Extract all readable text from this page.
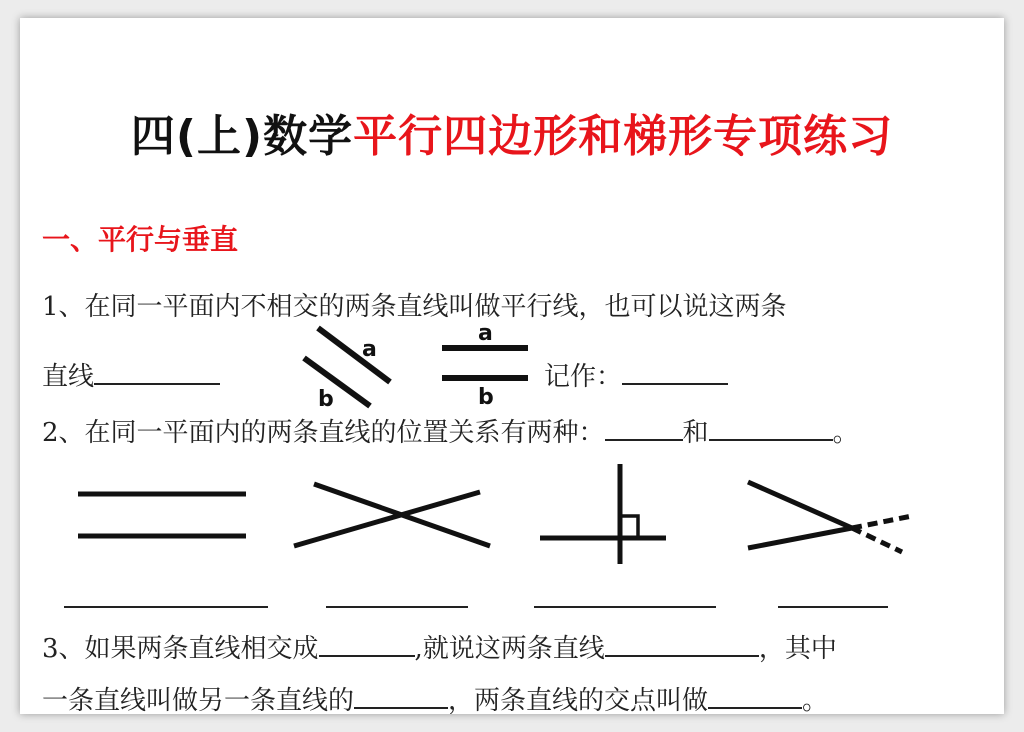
四(上)数学平行四边形和梯形专项练习
一、平行与垂直
1、在同一平面内不相交的两条直线叫做平行线，也可以说这两条
直线
a
b
a
b
记作：
2、在同一平面内的两条直线的位置关系有两种：	和	。
3、如果两条直线相交成	,就说这两条直线	，其中
一条直线叫做另一条直线的	，两条直线的交点叫做	。
